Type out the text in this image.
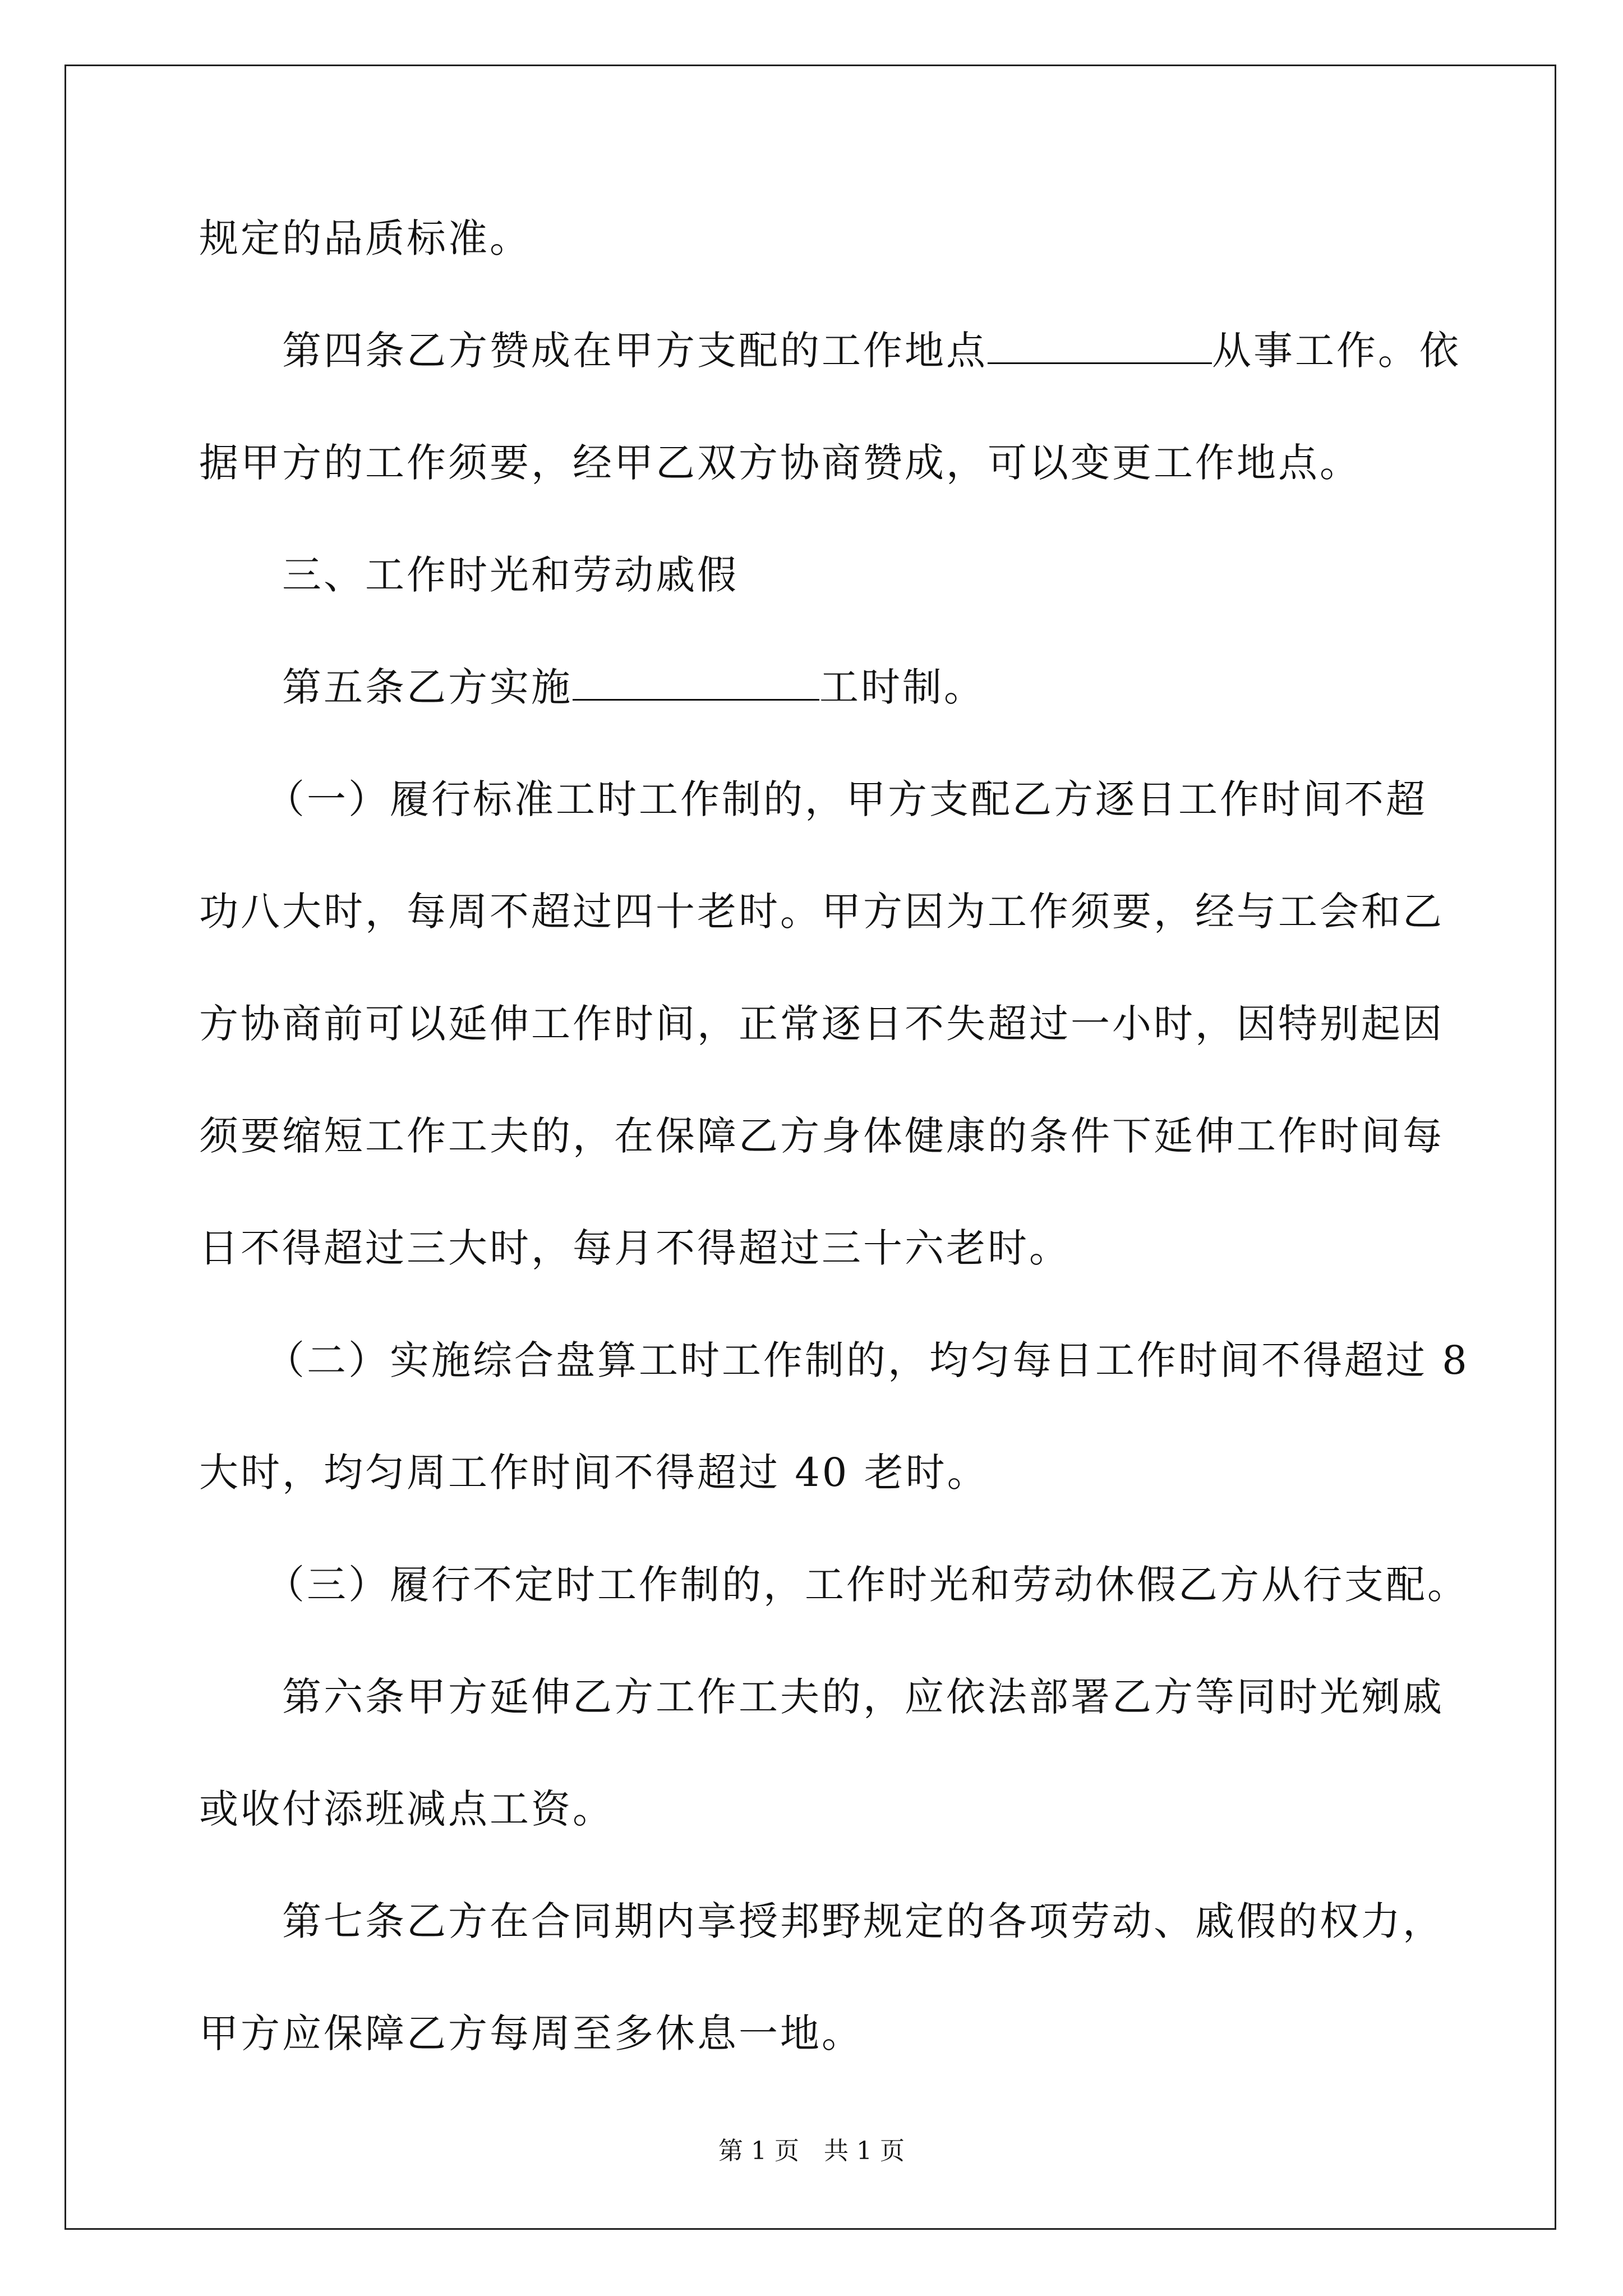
规定的品质标准。
第四条乙方赞成在甲方支配的工作地点	从事工作。依
据甲方的工作须要，经甲乙双方协商赞成，可以变更工作地点。
三、工作时光和劳动戚假
第五条乙方实施	工时制。
（一）履行标准工时工作制的，甲方支配乙方逐日工作时间不超
功八大时，每周不超过四十老时。甲方因为工作须要，经与工会和乙
方协商前可以延伸工作时间，正常逐日不失超过一小时，因特别起因
须要缩短工作工夫的，在保障乙方身体健康的条件下延伸工作时间每
日不得超过三大时，每月不得超过三十六老时。
（二）实施综合盘算工时工作制的，均匀每日工作时间不得超过 8
大时，均匀周工作时间不得超过 40 老时。
（三）履行不定时工作制的，工作时光和劳动休假乙方从行支配。
第六条甲方延伸乙方工作工夫的，应依法部署乙方等同时光剜戚
或收付添班减点工资。
第七条乙方在合同期内享授邦野规定的各项劳动、戚假的权力，
甲方应保障乙方每周至多休息一地。
第 1 页　共 1 页
